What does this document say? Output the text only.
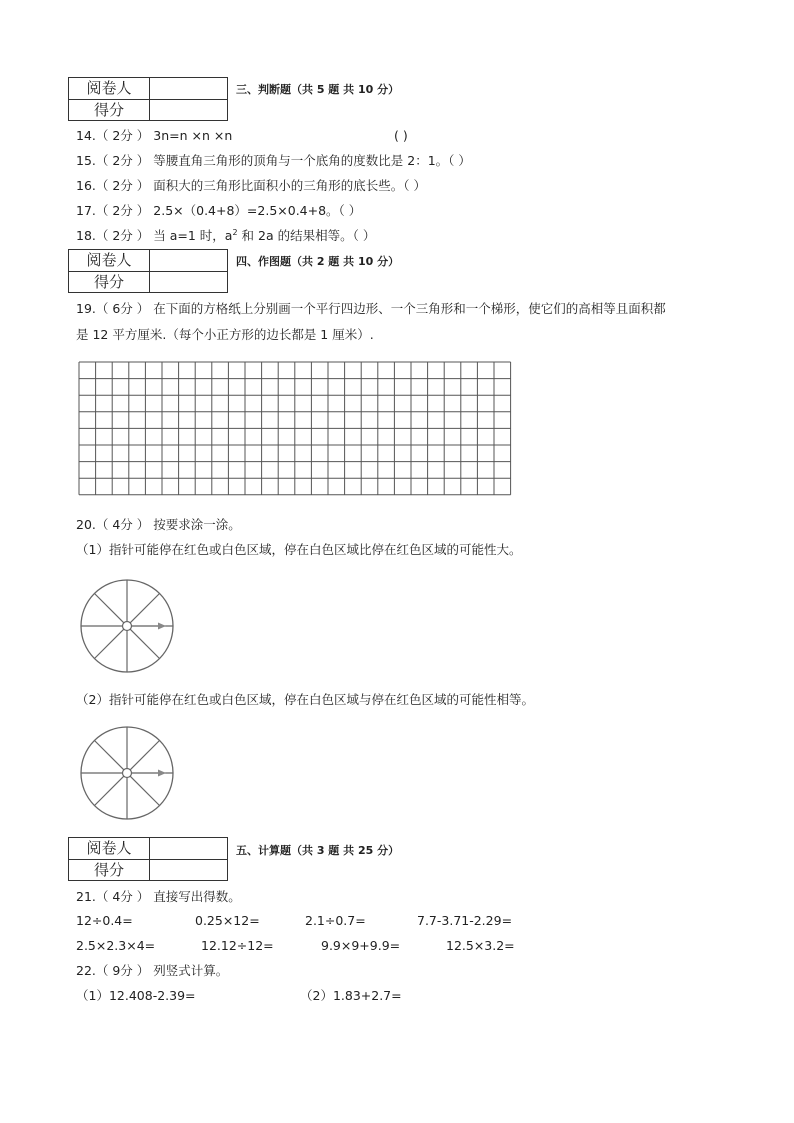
阅卷人
得分
三、判断题（共 5 题 共 10 分）
14.（ 2分 ） 3n=n ×n ×n	( )
15.（ 2分 ） 等腰直角三角形的顶角与一个底角的度数比是 2：1。（ ）
16.（ 2分 ） 面积大的三角形比面积小的三角形的底长些。（ ）
17.（ 2分 ） 2.5×（0.4+8）=2.5×0.4+8。（ ）
18.（ 2分 ） 当 a=1 时，$a^2$ 和 2a 的结果相等。（ ）
阅卷人
得分
四、作图题（共 2 题 共 10 分）
19.（ 6分 ） 在下面的方格纸上分别画一个平行四边形、一个三角形和一个梯形，使它们的高相等且面积都
是 12 平方厘米.（每个小正方形的边长都是 1 厘米）.
20.（ 4分 ） 按要求涂一涂。
（1）指针可能停在红色或白色区域，停在白色区域比停在红色区域的可能性大。
（2）指针可能停在红色或白色区域，停在白色区域与停在红色区域的可能性相等。
阅卷人
得分
五、计算题（共 3 题 共 25 分）
21.（ 4分 ） 直接写出得数。
12÷0.4=	0.25×12=	2.1÷0.7=	7.7-3.71-2.29=
2.5×2.3×4=	12.12÷12=	9.9×9+9.9=	12.5×3.2=
22.（ 9分 ） 列竖式计算。
（1）12.408-2.39=	（2）1.83+2.7=
